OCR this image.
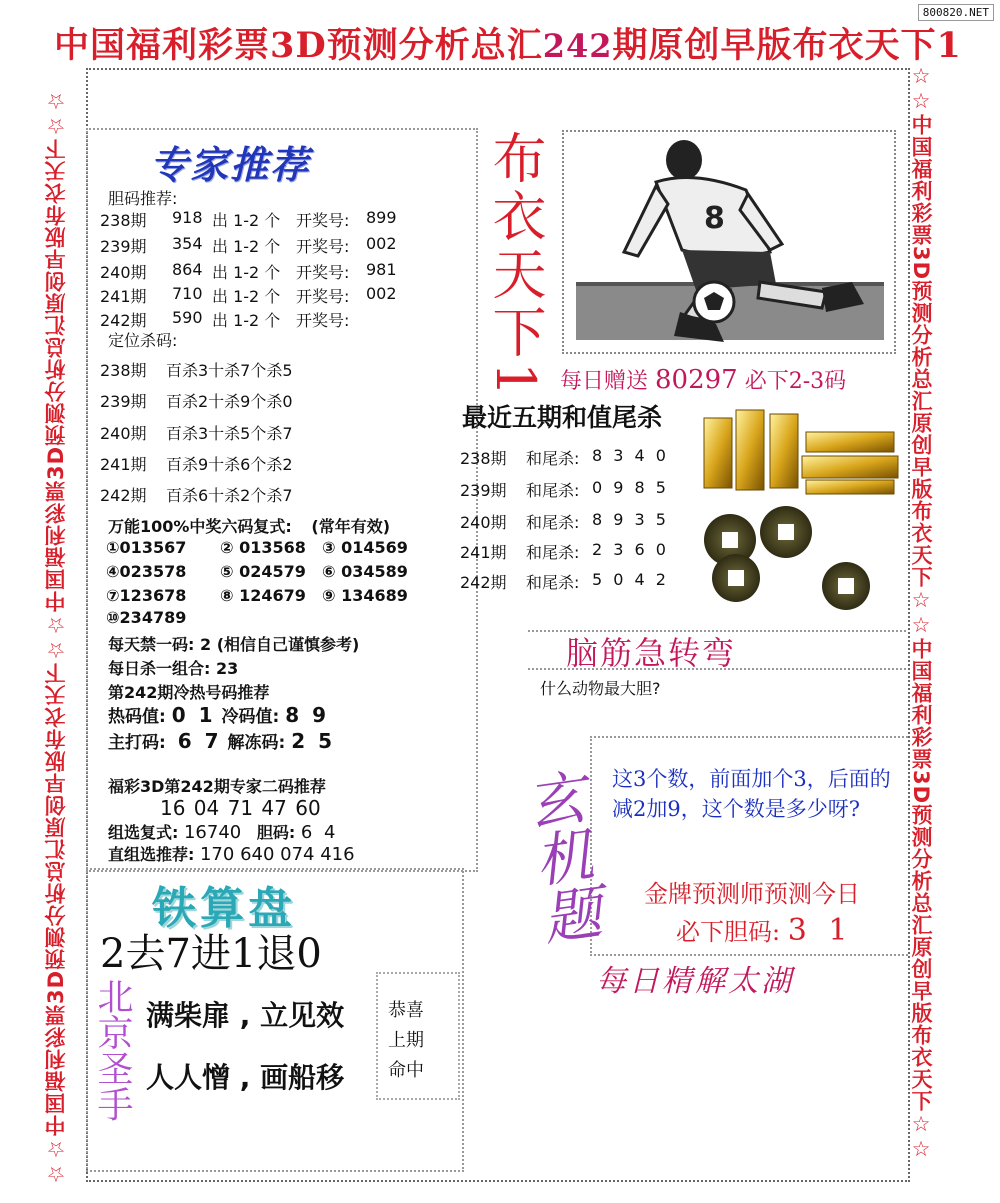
800820.NET
中国福利彩票3D预测分析总汇242期原创早版布衣天下1
☆☆中国福利彩票3D预测分析总汇原创早版布衣天下☆☆中国福利彩票3D预测分析总汇原创早版布衣天下☆☆	☆☆中国福利彩票3D预测分析总汇原创早版布衣天下☆☆中国福利彩票3D预测分析总汇原创早版布衣天下☆☆
专家推荐
胆码推荐:
238期 918 出 1-2 个 开奖号: 899
239期 354 出 1-2 个 开奖号: 002
240期 864 出 1-2 个 开奖号: 981
241期 710 出 1-2 个 开奖号: 002
242期 590 出 1-2 个 开奖号:
定位杀码:
238期 百杀3十杀7个杀5
239期 百杀2十杀9个杀0
240期 百杀3十杀5个杀7
241期 百杀9十杀6个杀2
242期 百杀6十杀2个杀7
万能100%中奖六码复式: (常年有效)
①013567 ② 013568 ③ 014569
④023578 ⑤ 024579 ⑥ 034589
⑦123678 ⑧ 124679 ⑨ 134689
⑩234789
每天禁一码: 2 (相信自己谨慎参考)
每日杀一组合: 23
第242期冷热号码推荐
热码值: 0 1 冷码值: 8 9
主打码: 6 7 解冻码: 2 5
福彩3D第242期专家二码推荐
16 04 71 47 60
组选复式: 16740 胆码: 6 4
直组选推荐: 170 640 074 416
布衣天下1	8
每日赠送 80297 必下2-3码
最近五期和值尾杀
238期 和尾杀: 8 3 4 0
239期 和尾杀: 0 9 8 5
240期 和尾杀: 8 9 3 5
241期 和尾杀: 2 3 6 0
242期 和尾杀: 5 0 4 2
脑筋急转弯
什么动物最大胆?
玄机题 这3个数，前面加个3，后面的减2加9，这个数是多少呀?
金牌预测师预测今日
必下胆码: 3 1
每日精解太湖
铁算盘
2去7进1退0
北京圣手 满柴扉 , 立见效
人人憎 , 画船移
恭喜
上期
命中
